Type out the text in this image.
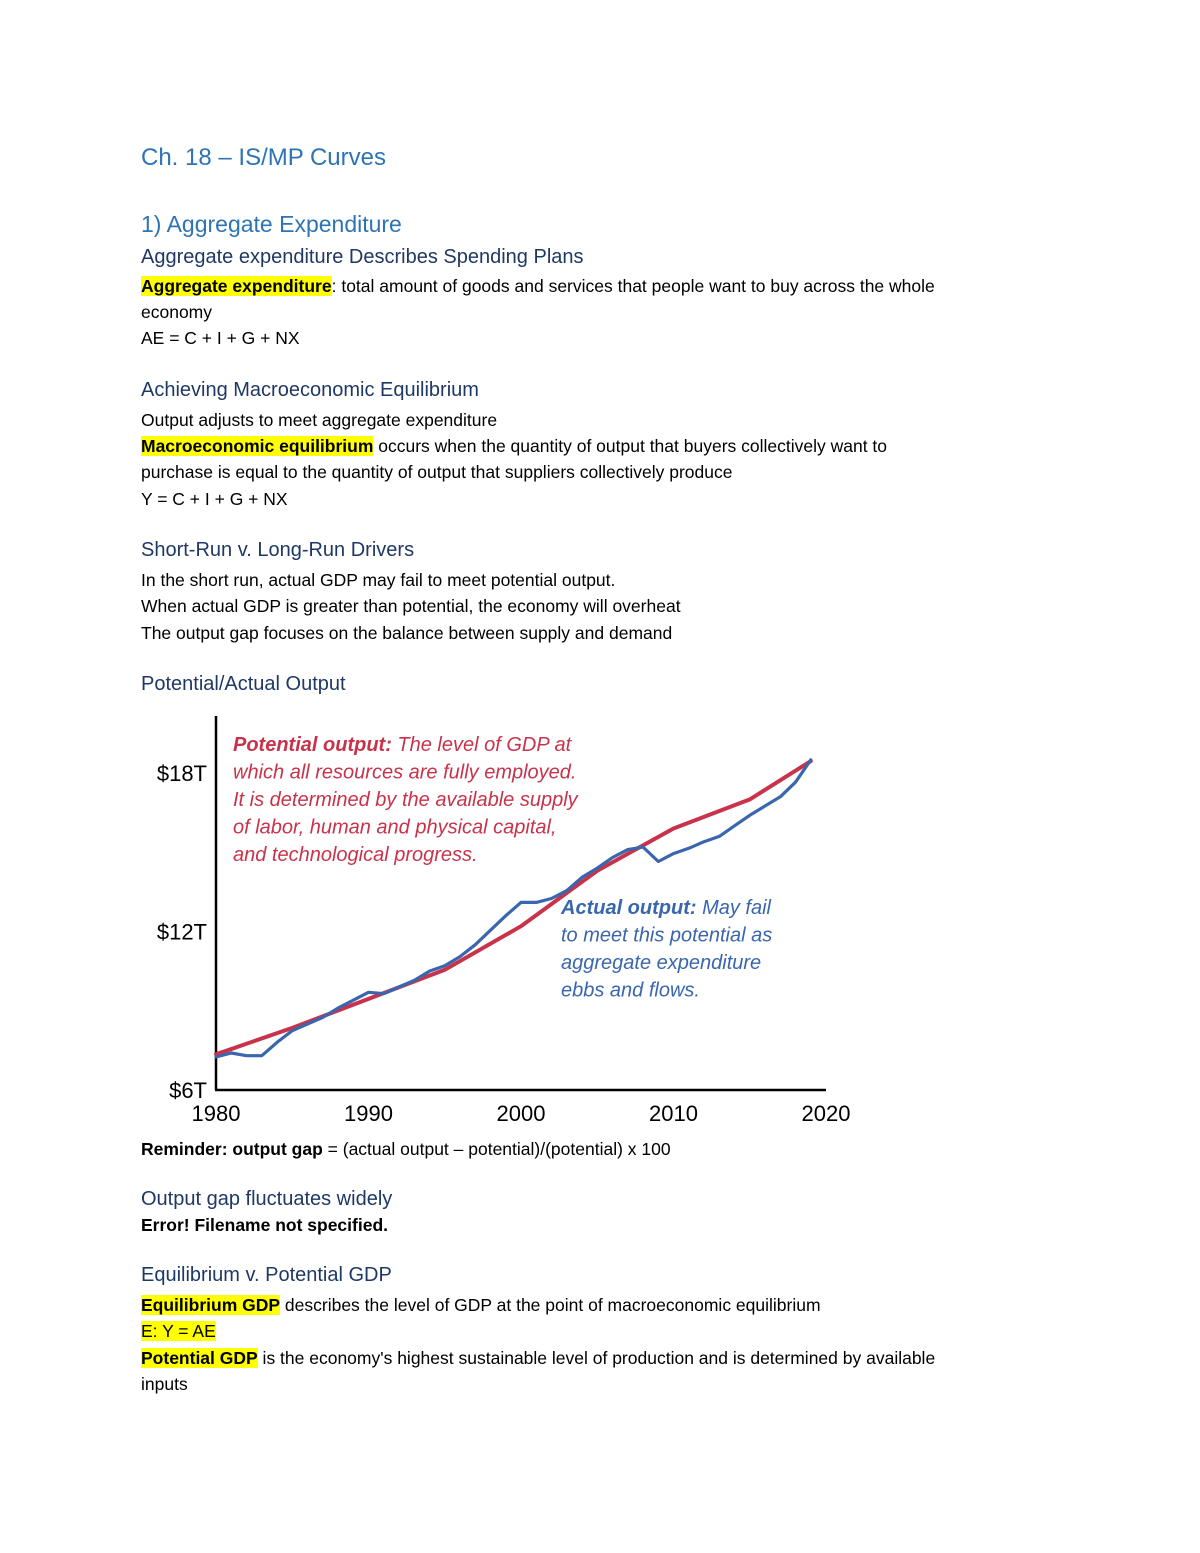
Ch. 18 – IS/MP Curves
1) Aggregate Expenditure
Aggregate expenditure Describes Spending Plans
Aggregate expenditure: total amount of goods and services that people want to buy across the whole
economy
AE = C + I + G + NX
Achieving Macroeconomic Equilibrium
Output adjusts to meet aggregate expenditure
Macroeconomic equilibrium occurs when the quantity of output that buyers collectively want to
purchase is equal to the quantity of output that suppliers collectively produce
Y = C + I + G + NX
Short-Run v. Long-Run Drivers
In the short run, actual GDP may fail to meet potential output.
When actual GDP is greater than potential, the economy will overheat
The output gap focuses on the balance between supply and demand
Potential/Actual Output
1980	1990	2000	2010	2020
$6T
$12T
$18T
Potential output: The level of GDP at
which all resources are fully employed.
It is determined by the available supply
of labor, human and physical capital,
and technological progress.
Actual output: May fail
to meet this potential as
aggregate expenditure
ebbs and flows.
Reminder: output gap = (actual output – potential)/(potential) x 100
Output gap fluctuates widely
Error! Filename not specified.
Equilibrium v. Potential GDP
Equilibrium GDP describes the level of GDP at the point of macroeconomic equilibrium
E: Y = AE
Potential GDP is the economy's highest sustainable level of production and is determined by available
inputs
